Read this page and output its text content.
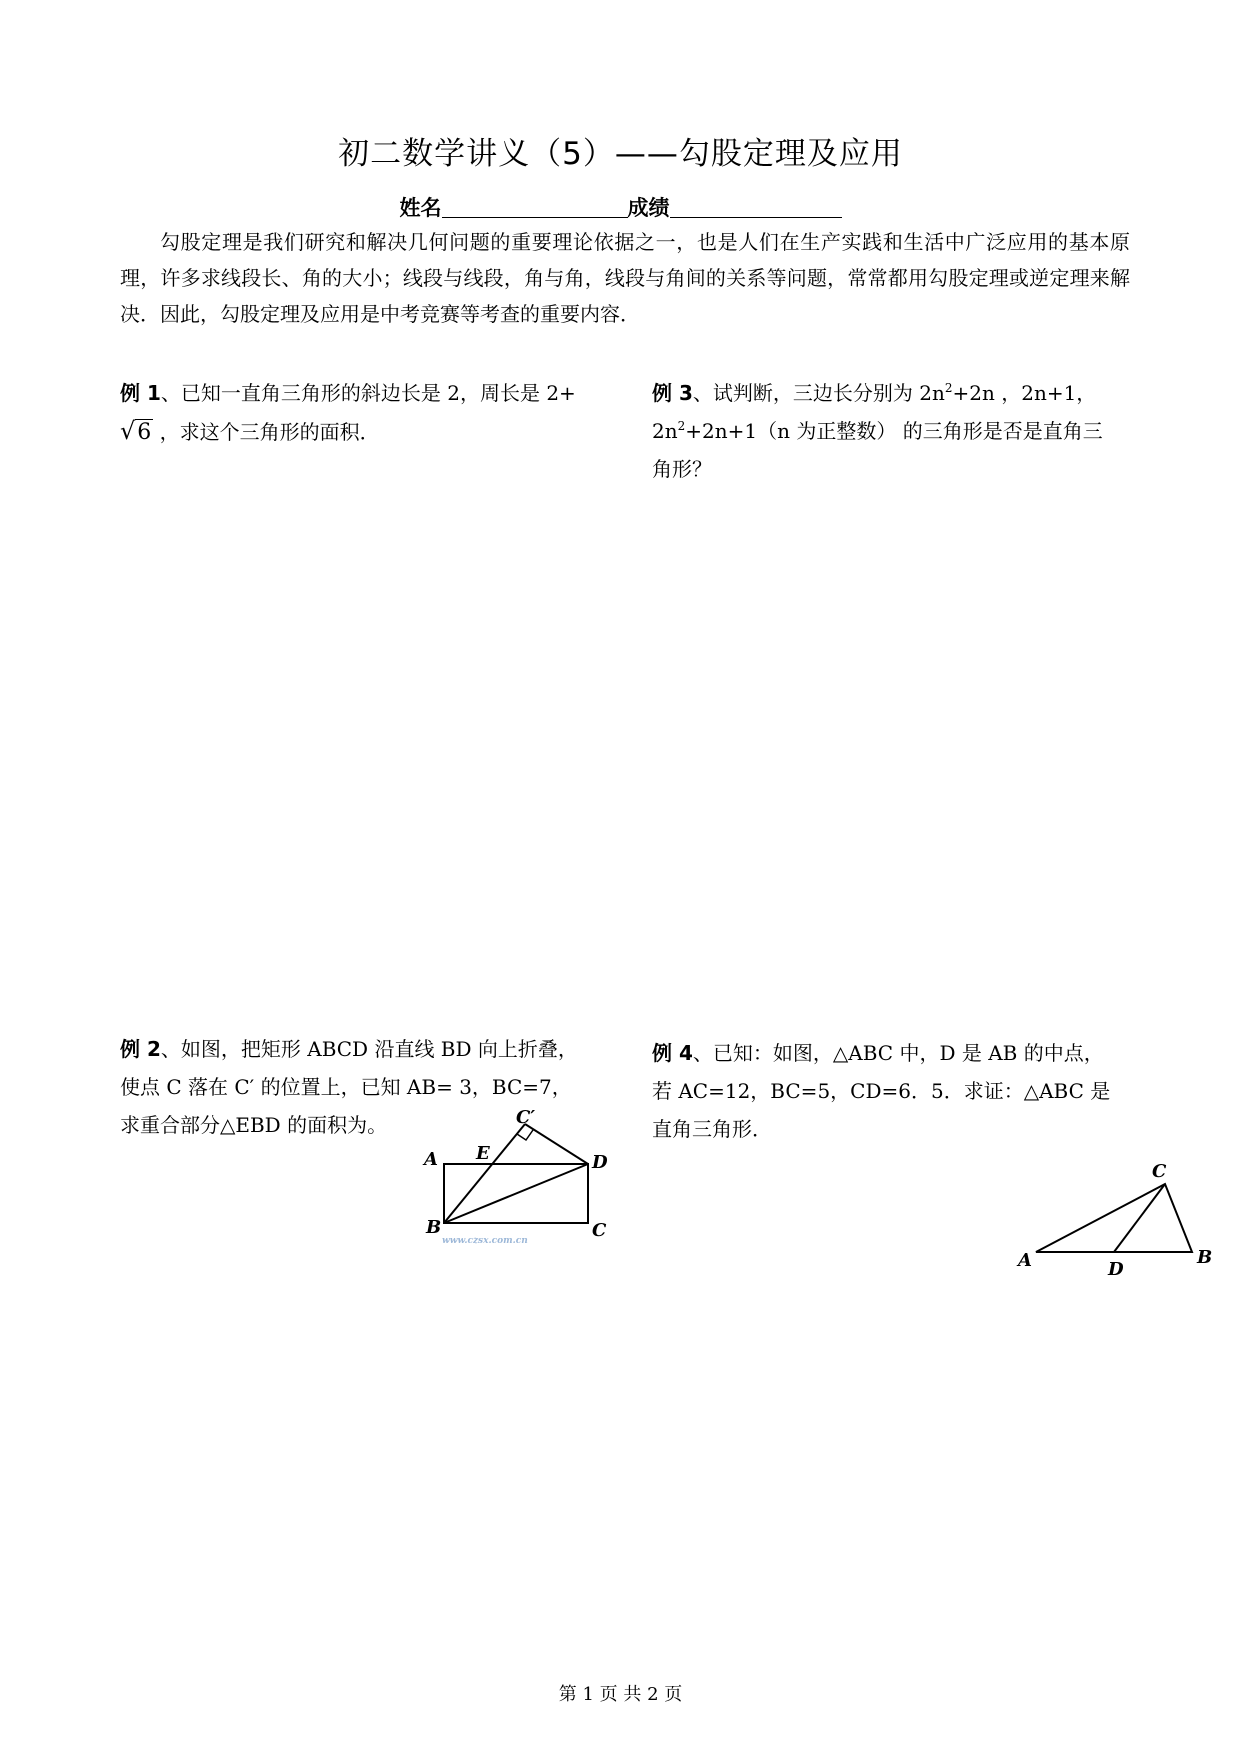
初二数学讲义（5）——勾股定理及应用
姓名	成绩
勾股定理是我们研究和解决几何问题的重要理论依据之一，也是人们在生产实践和生活中广泛应用的基本原理，许多求线段长、角的大小；线段与线段，角与角，线段与角间的关系等问题，常常都用勾股定理或逆定理来解决．因此，勾股定理及应用是中考竞赛等考查的重要内容．
例 1、已知一直角三角形的斜边长是 2，周长是 2+
√6 ，求这个三角形的面积．
例 3、试判断，三边长分别为 $2n^2+2n$ ，2n+1，
$2n^2+2n+1(n$ 为正整数） 的三角形是否是直角三角形？
例 2、如图，把矩形 ABCD 沿直线 BD 向上折叠，使点 C 落在 C′ 的位置上，已知 AB= 3，BC=7，求重合部分△EBD 的面积为。
例 4、已知：如图，△ABC 中，D 是 AB 的中点，若 AC=12，BC=5，CD=6．5．求证：△ABC 是直角三角形．
A E
C′
D
B	C
www.czsx.com.cn
A	B
C
D
第 1 页 共 2 页
